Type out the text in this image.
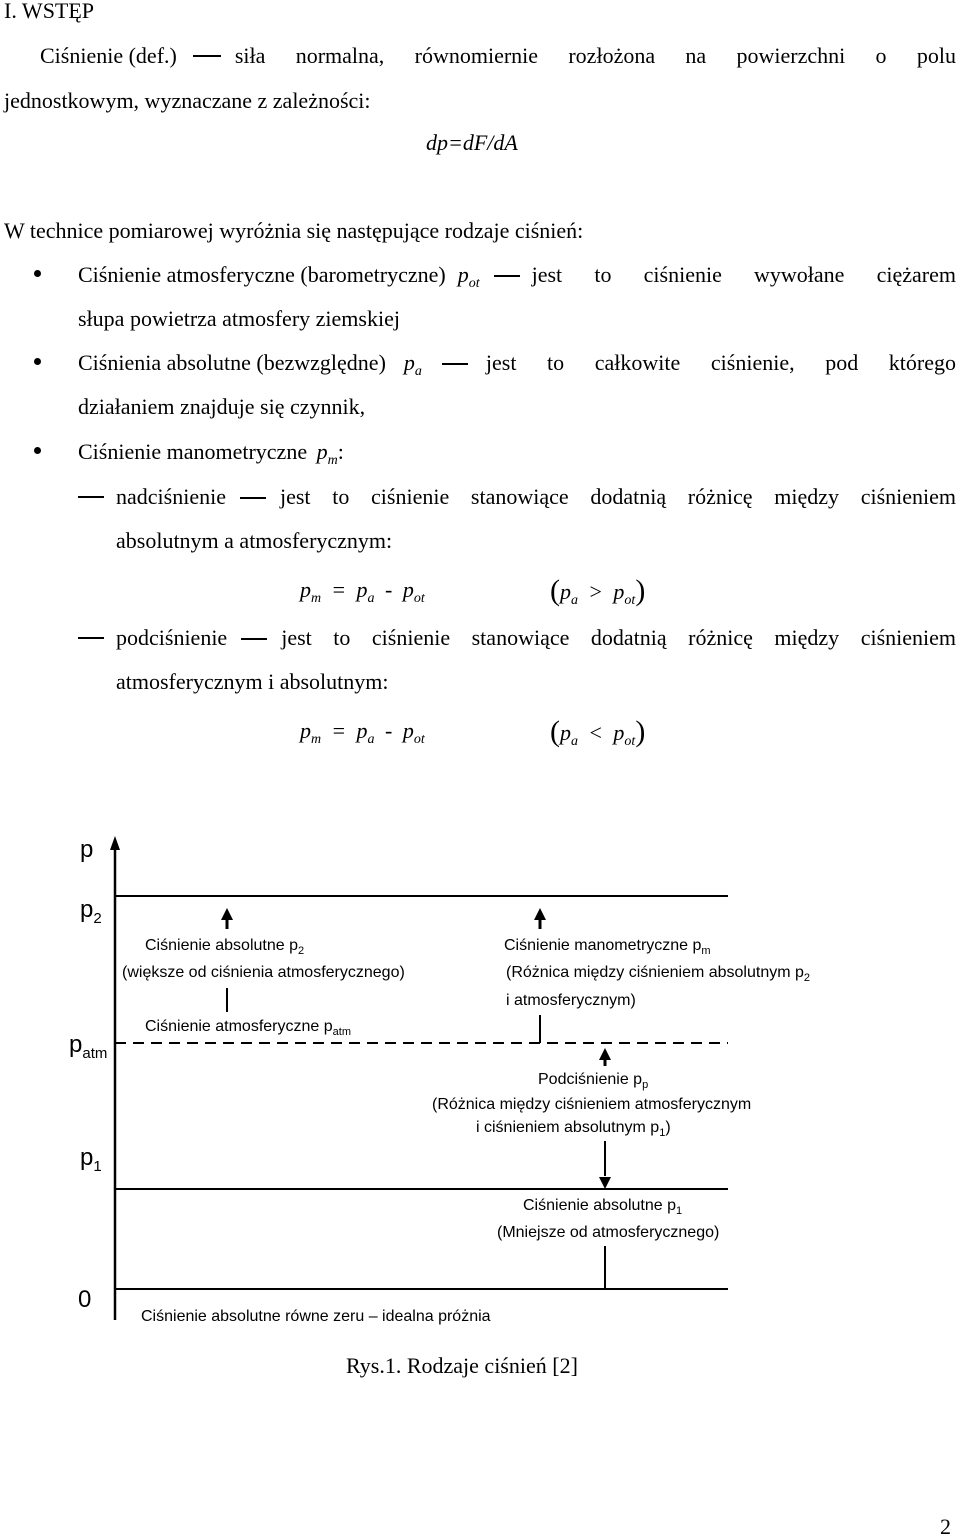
I. WSTĘP
Ciśnienie (def.)	siła normalna, równomiernie rozłożona na powierzchni o polu
jednostkowym, wyznaczane z zależności:
dp=dF/dA
W technice pomiarowej wyróżnia się następujące rodzaje ciśnień:
Ciśnienie atmosferyczne (barometryczne) $p_{ot}$ jest to ciśnienie wywołane ciężarem
słupa powietrza atmosfery ziemskiej
Ciśnienia absolutne (bezwzględne) $p_a$	jest to całkowite ciśnienie, pod którego
działaniem znajduje się czynnik,
Ciśnienie manometryczne $p_m$:
nadciśnienie jest to ciśnienie stanowiące dodatnią różnicę między ciśnieniem
absolutnym a atmosferycznym:
$p_m = p_a - p_{ot}$	$(p_a > p_{ot})$
podciśnienie jest to ciśnienie stanowiące dodatnią różnicę między ciśnieniem
atmosferycznym i absolutnym:
$p_m = p_a - p_{ot}$	$(p_a < p_{ot})$
p
$p_2$
$p_{atm}$
$p_1$
0
Ciśnienie absolutne $p_2$
(większe od ciśnienia atmosferycznego)
Ciśnienie atmosferyczne $p_{atm}$
Ciśnienie manometryczne $p_m$
(Różnica między ciśnieniem absolutnym $p_2$
i atmosferycznym)
Podciśnienie $p_p$
(Różnica między ciśnieniem atmosferycznym
i ciśnieniem absolutnym $p_1$)
Ciśnienie absolutne $p_1$
(Mniejsze od atmosferycznego)
Ciśnienie absolutne równe zeru – idealna próżnia
Rys.1. Rodzaje ciśnień [2]
2
